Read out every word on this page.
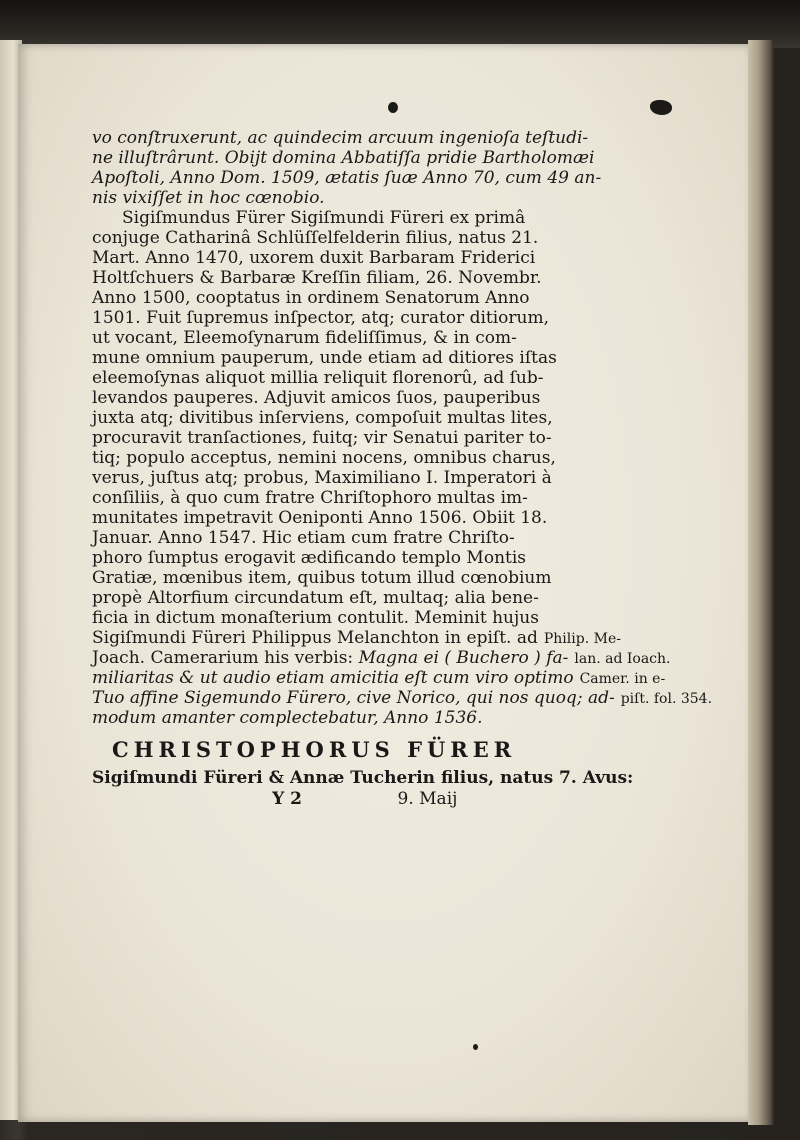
vo conſtruxerunt, ac quindecim arcuum ingenioſa teſtudi-
ne illuſtrârunt. Obijt domina Abbatiſſa pridie Bartholomæi
Apoſtoli, Anno Dom. 1509, ætatis ſuæ Anno 70, cum 49 an-
nis vixiſſet in hoc cœnobio.
Sigiſmundus Fürer Sigiſmundi Füreri ex primâ
conjuge Catharinâ Schlüſſelfelderin filius, natus 21.
Mart. Anno 1470, uxorem duxit Barbaram Friderici
Holtſchuers & Barbaræ Kreſſin filiam, 26. Novembr.
Anno 1500, cooptatus in ordinem Senatorum Anno
1501. Fuit ſupremus inſpector, atq; curator ditiorum,
ut vocant, Eleemoſynarum fideliſſimus, & in com-
mune omnium pauperum, unde etiam ad ditiores iſtas
eleemoſynas aliquot millia reliquit florenorû, ad ſub-
levandos pauperes. Adjuvit amicos ſuos, pauperibus
juxta atq; divitibus inſerviens, compoſuit multas lites,
procuravit tranſactiones, fuitq; vir Senatui pariter to-
tiq; populo acceptus, nemini nocens, omnibus charus,
verus, juſtus atq; probus, Maximiliano I. Imperatori à
conſiliis, à quo cum fratre Chriſtophoro multas im-
munitates impetravit Oeniponti Anno 1506. Obiit 18.
Januar. Anno 1547. Hic etiam cum fratre Chriſto-
phoro ſumptus erogavit ædificando templo Montis
Gratiæ, mœnibus item, quibus totum illud cœnobium
propè Altorfium circundatum eſt, multaq; alia bene-
ficia in dictum monaſterium contulit. Meminit hujus
Sigiſmundi Füreri Philippus Melanchton in epiſt. ad Philip. Me-
Joach. Camerarium his verbis: Magna ei ( Buchero ) fa- lan. ad Ioach.
miliaritas & ut audio etiam amicitia eſt cum viro optimo Camer. in e-
Tuo affine Sigemundo Fürero, cive Norico, qui nos quoq; ad- piſt. fol. 354.
modum amanter complectebatur, Anno 1536.
CHRISTOPHORUS FÜRER
Sigiſmundi Füreri & Annæ Tucherin filius, natus 7. Avus:
Y 2	9. Maij
